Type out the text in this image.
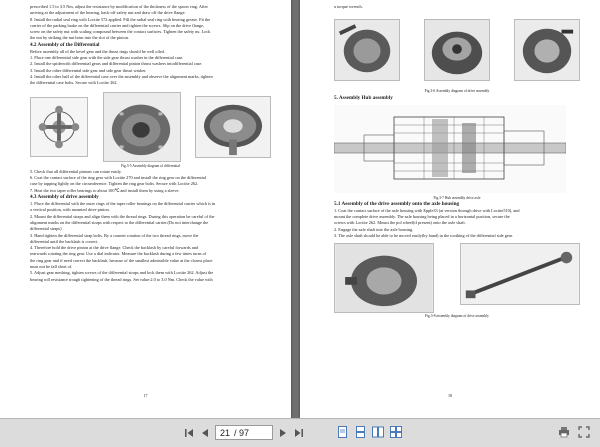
prescribed 1.5 to 3.5 Nm, adjust the resistance by modification of the thickness of the spacer ring. After

arriving at the adjustment of the bearing, back-off safety nut and draw off the drive flange.

8. Install the radial seal ring with Loctite 572 applied. Fill the radial seal ring with bearing grease. Fit the

carrier of the parking brake on the differential carrier and tighten the screws. Slip on the drive flange,

screw on the safety nut with scaling compound between the contact surfaces. Tighten the safety nu. Lock

the nut by striking the nut brim into the slot of the pinion.

4.2 Assembly of the Differential

Before assembly all of the bevel gear and the thrust rings should be well oiled.

1. Place one differential side gear with the side gear thrust washer in the differential case.

2. Install the spiderwith differential gears and differential pinion thrust washers intodifferential case.

3. Install the other differential side gear and side gear thrust washer.

4. Install the other half of the differential case over the assembly and observe the alignment marks, tighten

the differential case bolts. Secure with Loctite 262.

Fig.3-5 Assembly diagram of differential

5. Check that all differential pinions can rotate easily.

6. Coat the contact surface of the ring gear with Loctite 270 and install the ring gear on the differential

case by tapping lightly on the circumference. Tighten the ring gear bolts. Secure with Loctite 262.

7. Heat the two taper roller bearings to about 100℃ and install them by using a sleeve.

4.3 Assembly of drive assembly

1. Place the differential with the outer rings of the taper roller bearings on the differential carrier which is in

a vertical position, with mounted drive pinion.

2. Mount the differential straps and align them with the thread rings. During this operation be careful of the

alignment marks on the differential straps with respect to the differential carrier.(Do not interchange the

differential straps)

3. Hand tighten the differential strap bolts. By a counter rotation of the two thread rings, move the

differential until the backlash is correct.

4. Therefore hold the drive pinion at the drive flange. Check the backlash by careful forwards and

rearwards rotating the ring gear. Use a dial indicator. Measure the backlash during a few times turns of

the ring gear and if need correct the backlash, because of the smallest admissible value at the closest place

must not be fall short of.

5. Adjust gear meshing, tighten screws of the differential straps and lock them with Loctite 262. Adjust the

bearing roll resistance trough tightening of the thread rings. Set value:2.0 to 3.0 Nm. Check the value with

17

a torque wrench.

Fig.3-6 Assembly diagram of drive assembly

5. Assembly Hub assembly

Fig.3-7 Hub assembly drive axle

5.1 Assembly of the drive assembly onto the axle housing

1. Coat the contact surface of the axle housing with Epple33 (at version through drive with Loctite510), and

mount the complete drive assembly. The axle housing being placed in a horizontal position, secure the

screws with Loctite 262. Mount the pol wheel(if present) onto the axle shaft.

2. Engage the axle shaft into the axle housing.

3. The axle shaft should be able to be moved easily(by hand) in the toothing of the differential side gear.

Fig.3-8 assembly diagram of drive assembly

18
21 / 97
